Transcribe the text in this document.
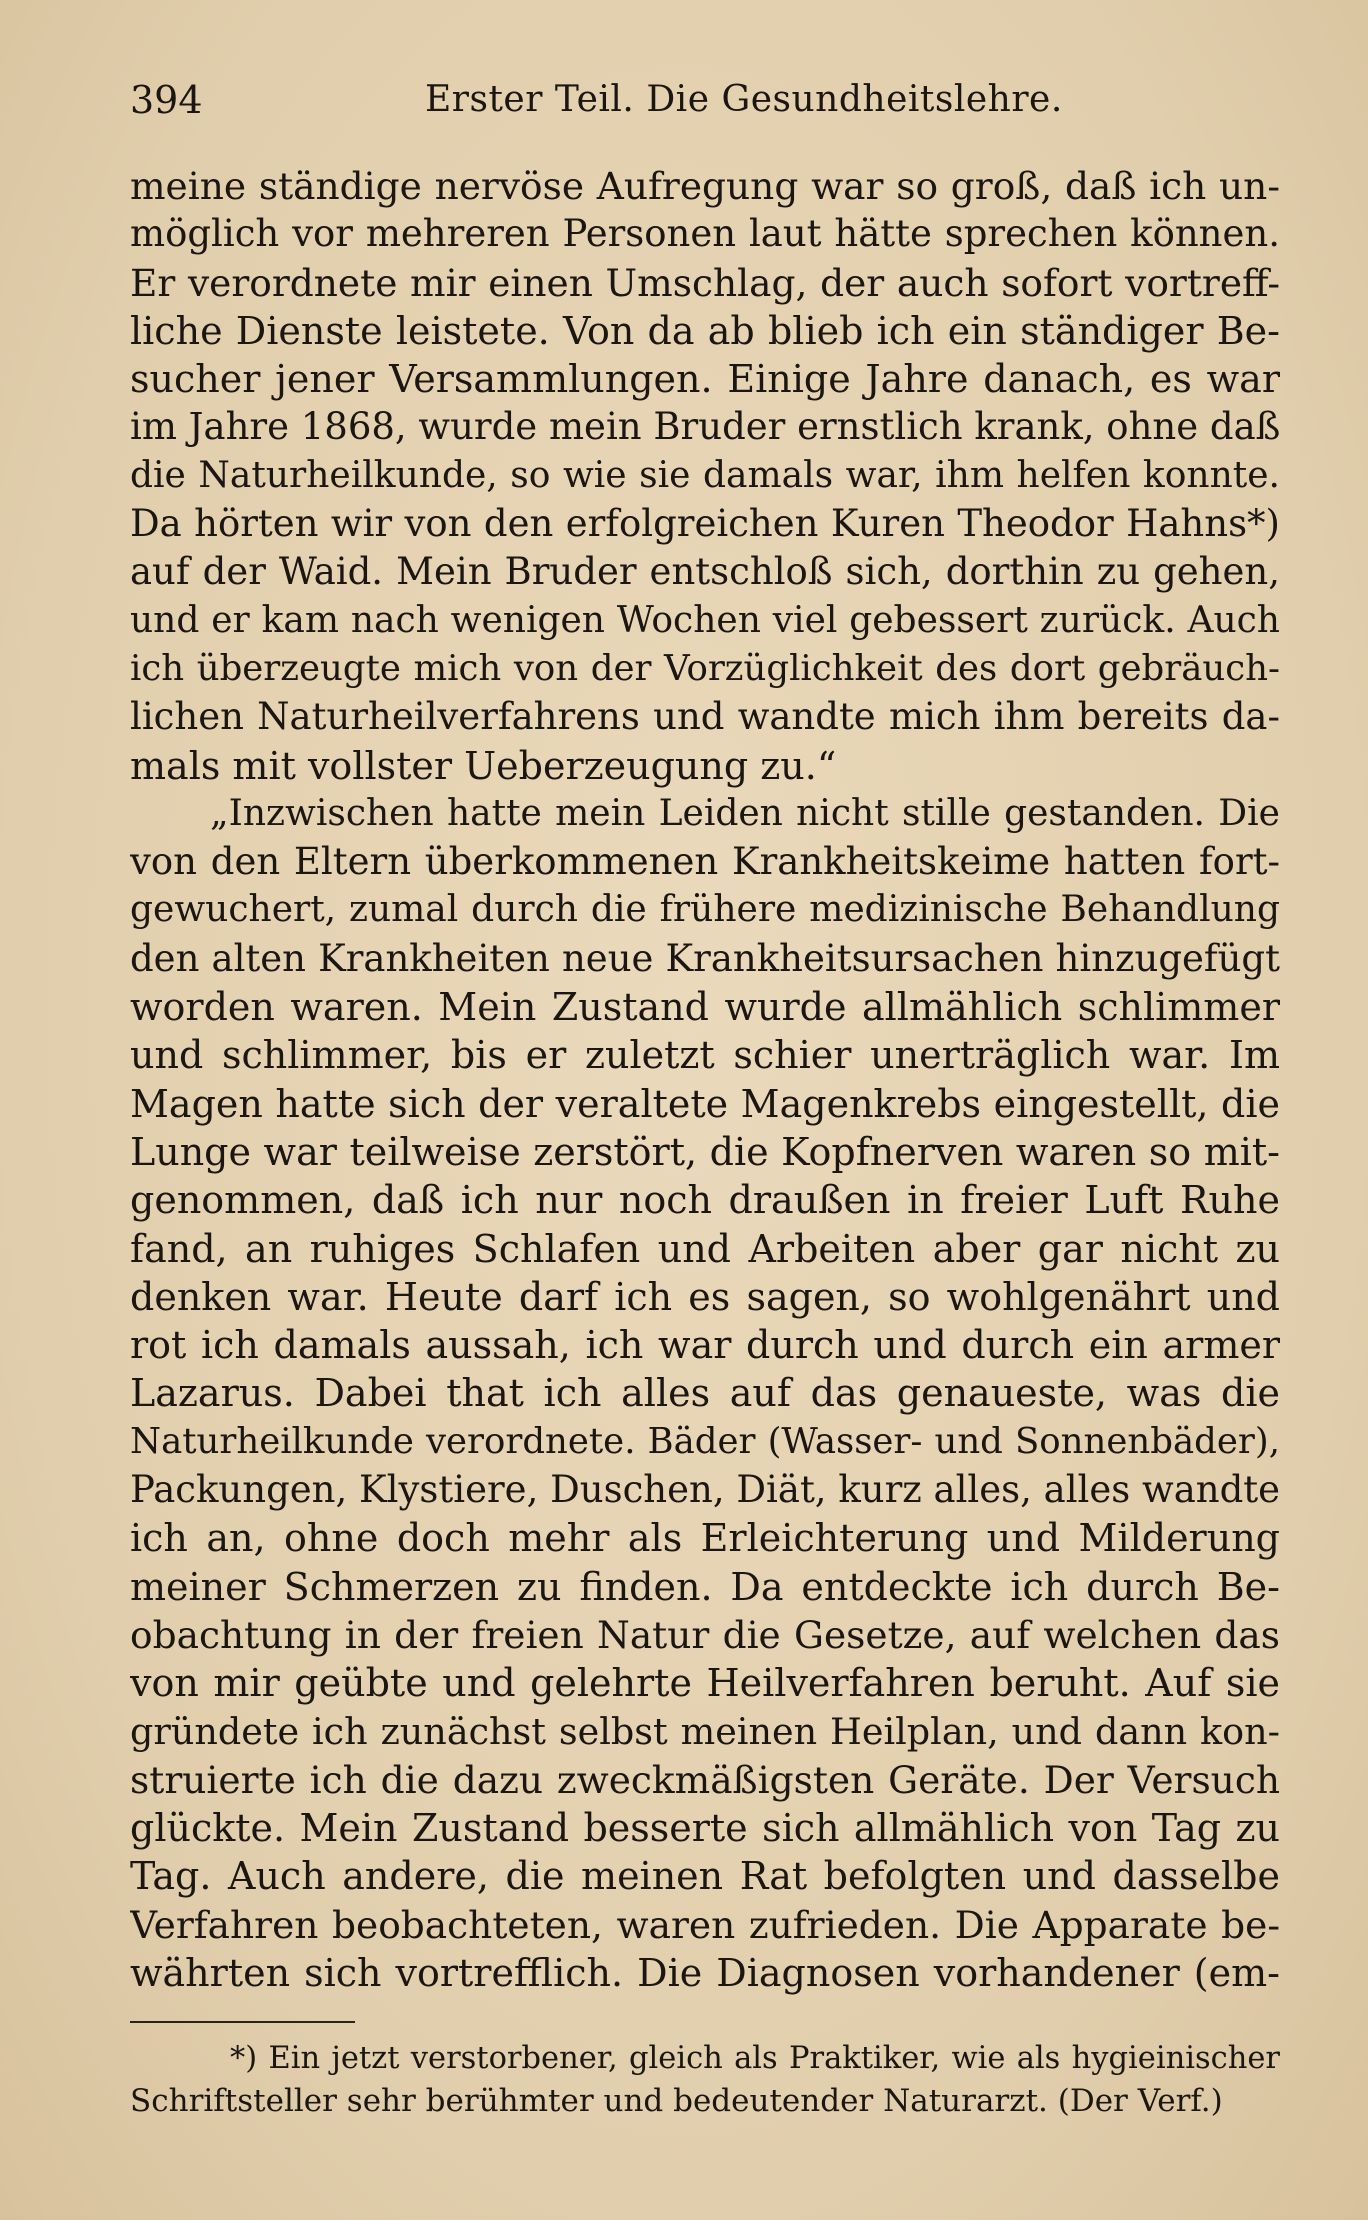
394	Erster Teil. Die Gesundheitslehre.
meine ständige nervöse Aufregung war so groß, daß ich un-
möglich vor mehreren Personen laut hätte sprechen können.
Er verordnete mir einen Umschlag, der auch sofort vortreff-
liche Dienste leistete. Von da ab blieb ich ein ständiger Be-
sucher jener Versammlungen. Einige Jahre danach, es war
im Jahre 1868, wurde mein Bruder ernstlich krank, ohne daß
die Naturheilkunde, so wie sie damals war, ihm helfen konnte.
Da hörten wir von den erfolgreichen Kuren Theodor Hahns*)
auf der Waid. Mein Bruder entschloß sich, dorthin zu gehen,
und er kam nach wenigen Wochen viel gebessert zurück. Auch
ich überzeugte mich von der Vorzüglichkeit des dort gebräuch-
lichen Naturheilverfahrens und wandte mich ihm bereits da-
mals mit vollster Ueberzeugung zu.“
„Inzwischen hatte mein Leiden nicht stille gestanden. Die
von den Eltern überkommenen Krankheitskeime hatten fort-
gewuchert, zumal durch die frühere medizinische Behandlung
den alten Krankheiten neue Krankheitsursachen hinzugefügt
worden waren. Mein Zustand wurde allmählich schlimmer
und schlimmer, bis er zuletzt schier unerträglich war. Im
Magen hatte sich der veraltete Magenkrebs eingestellt, die
Lunge war teilweise zerstört, die Kopfnerven waren so mit-
genommen, daß ich nur noch draußen in freier Luft Ruhe
fand, an ruhiges Schlafen und Arbeiten aber gar nicht zu
denken war. Heute darf ich es sagen, so wohlgenährt und
rot ich damals aussah, ich war durch und durch ein armer
Lazarus. Dabei that ich alles auf das genaueste, was die
Naturheilkunde verordnete. Bäder (Wasser- und Sonnenbäder),
Packungen, Klystiere, Duschen, Diät, kurz alles, alles wandte
ich an, ohne doch mehr als Erleichterung und Milderung
meiner Schmerzen zu finden. Da entdeckte ich durch Be-
obachtung in der freien Natur die Gesetze, auf welchen das
von mir geübte und gelehrte Heilverfahren beruht. Auf sie
gründete ich zunächst selbst meinen Heilplan, und dann kon-
struierte ich die dazu zweckmäßigsten Geräte. Der Versuch
glückte. Mein Zustand besserte sich allmählich von Tag zu
Tag. Auch andere, die meinen Rat befolgten und dasselbe
Verfahren beobachteten, waren zufrieden. Die Apparate be-
währten sich vortrefflich. Die Diagnosen vorhandener (em-
*) Ein jetzt verstorbener, gleich als Praktiker, wie als hygieinischer
Schriftsteller sehr berühmter und bedeutender Naturarzt. (Der Verf.)
